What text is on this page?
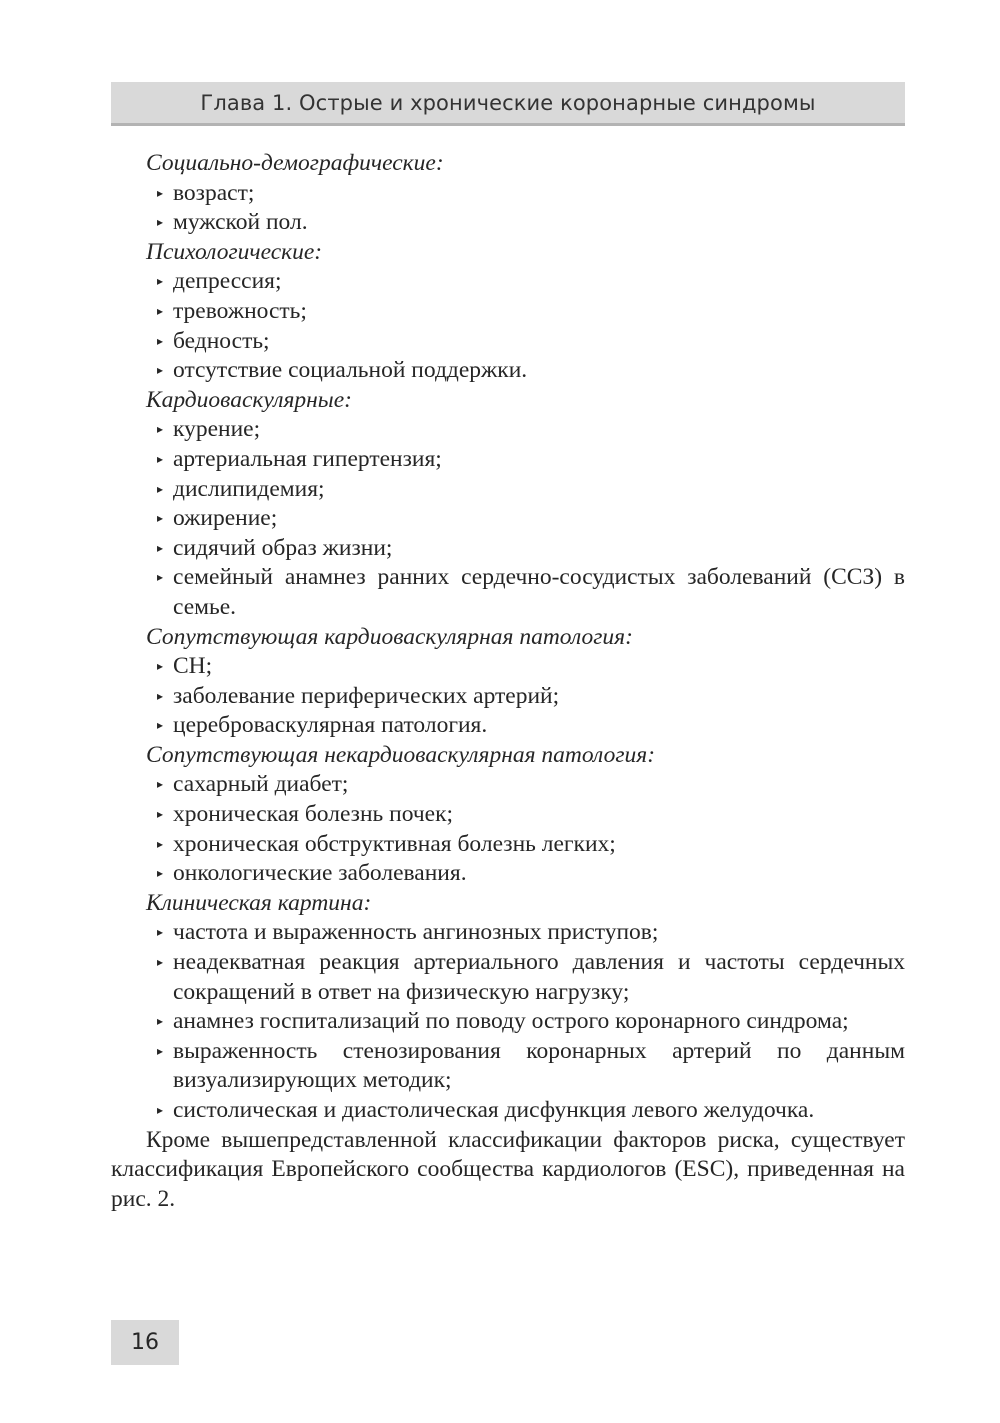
Глава 1. Острые и хронические коронарные синдромы

Социально-демографические:

▸ возраст;
▸ мужской пол.

Психологические:

▸ депрессия;
▸ тревожность;
▸ бедность;
▸ отсутствие социальной поддержки.

Кардиоваскулярные:

▸ курение;
▸ артериальная гипертензия;
▸ дислипидемия;
▸ ожирение;
▸ сидячий образ жизни;
▸ семейный анамнез ранних сердечно-сосудистых заболеваний (ССЗ) в семье.

Сопутствующая кардиоваскулярная патология:

▸ СН;
▸ заболевание периферических артерий;
▸ цереброваскулярная патология.

Сопутствующая некардиоваскулярная патология:

▸ сахарный диабет;
▸ хроническая болезнь почек;
▸ хроническая обструктивная болезнь легких;
▸ онкологические заболевания.

Клиническая картина:

▸ частота и выраженность ангинозных приступов;
▸ неадекватная реакция артериального давления и частоты сердечных сокращений в ответ на физическую нагрузку;
▸ анамнез госпитализаций по поводу острого коронарного синдрома;
▸ выраженность стенозирования коронарных артерий по данным визуализирующих методик;
▸ систолическая и диастолическая дисфункция левого желудочка.

Кроме вышепредставленной классификации факторов риска, существует классификация Европейского сообщества кардиологов (ESC), приведенная на рис. 2.

16
